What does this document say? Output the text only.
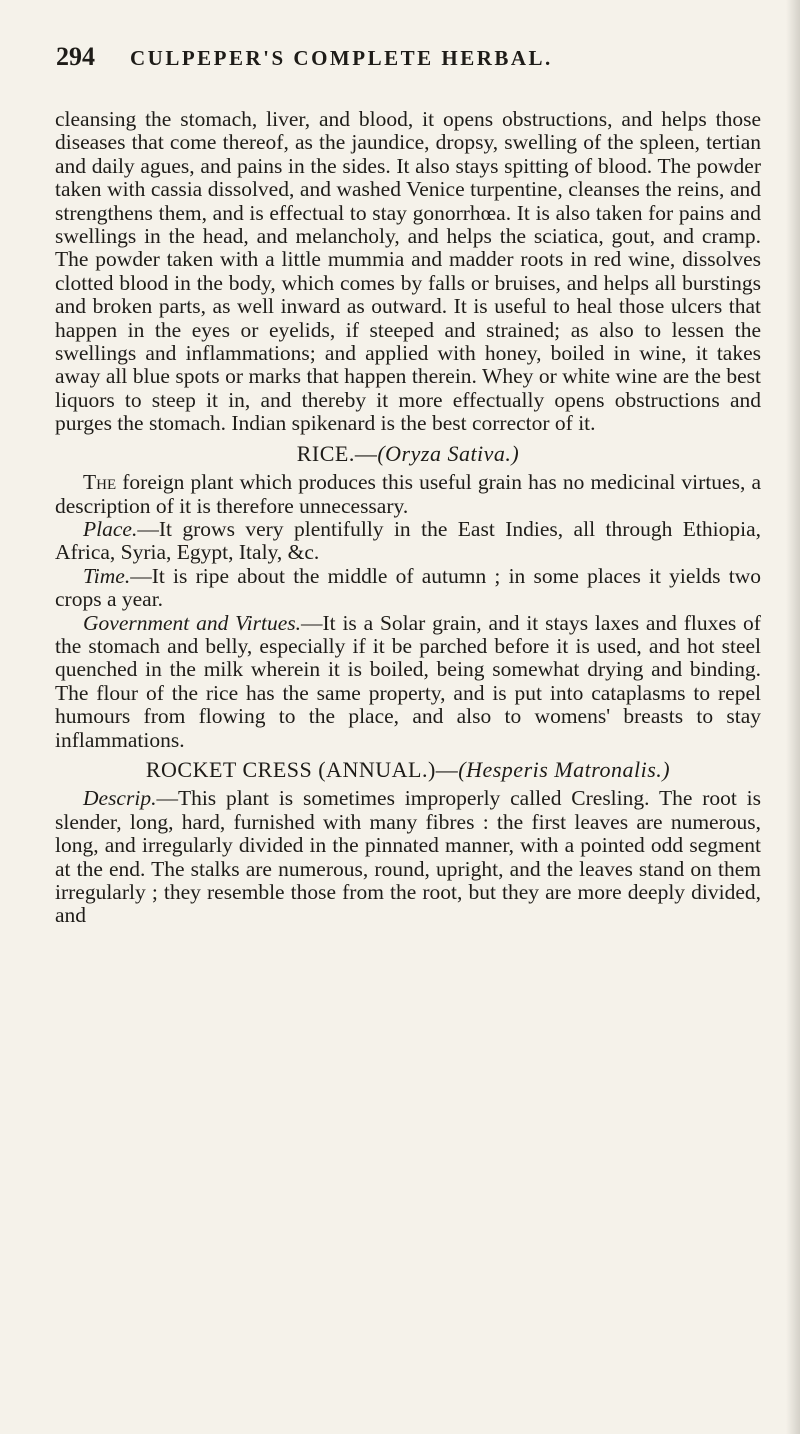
294 CULPEPER'S COMPLETE HERBAL.

cleansing the stomach, liver, and blood, it opens obstructions, and helps those diseases that come thereof, as the jaundice, dropsy, swelling of the spleen, tertian and daily agues, and pains in the sides. It also stays spitting of blood. The powder taken with cassia dissolved, and washed Venice turpentine, cleanses the reins, and strengthens them, and is effectual to stay gonorrhœa. It is also taken for pains and swellings in the head, and melancholy, and helps the sciatica, gout, and cramp. The powder taken with a little mummia and madder roots in red wine, dissolves clotted blood in the body, which comes by falls or bruises, and helps all burstings and broken parts, as well inward as outward. It is useful to heal those ulcers that happen in the eyes or eyelids, if steeped and strained; as also to lessen the swellings and inflammations; and applied with honey, boiled in wine, it takes away all blue spots or marks that happen therein. Whey or white wine are the best liquors to steep it in, and thereby it more effectually opens obstructions and purges the stomach. Indian spikenard is the best corrector of it.

RICE.—(Oryza Sativa.)

The foreign plant which produces this useful grain has no medicinal virtues, a description of it is therefore unnecessary.

Place.—It grows very plentifully in the East Indies, all through Ethiopia, Africa, Syria, Egypt, Italy, &c.

Time.—It is ripe about the middle of autumn ; in some places it yields two crops a year.

Government and Virtues.—It is a Solar grain, and it stays laxes and fluxes of the stomach and belly, especially if it be parched before it is used, and hot steel quenched in the milk wherein it is boiled, being somewhat drying and binding. The flour of the rice has the same property, and is put into cataplasms to repel humours from flowing to the place, and also to womens' breasts to stay inflammations.

ROCKET CRESS (ANNUAL.)—(Hesperis Matronalis.)

Descrip.—This plant is sometimes improperly called Cresling. The root is slender, long, hard, furnished with many fibres : the first leaves are numerous, long, and irregularly divided in the pinnated manner, with a pointed odd segment at the end. The stalks are numerous, round, upright, and the leaves stand on them irregularly ; they resemble those from the root, but they are more deeply divided, and
